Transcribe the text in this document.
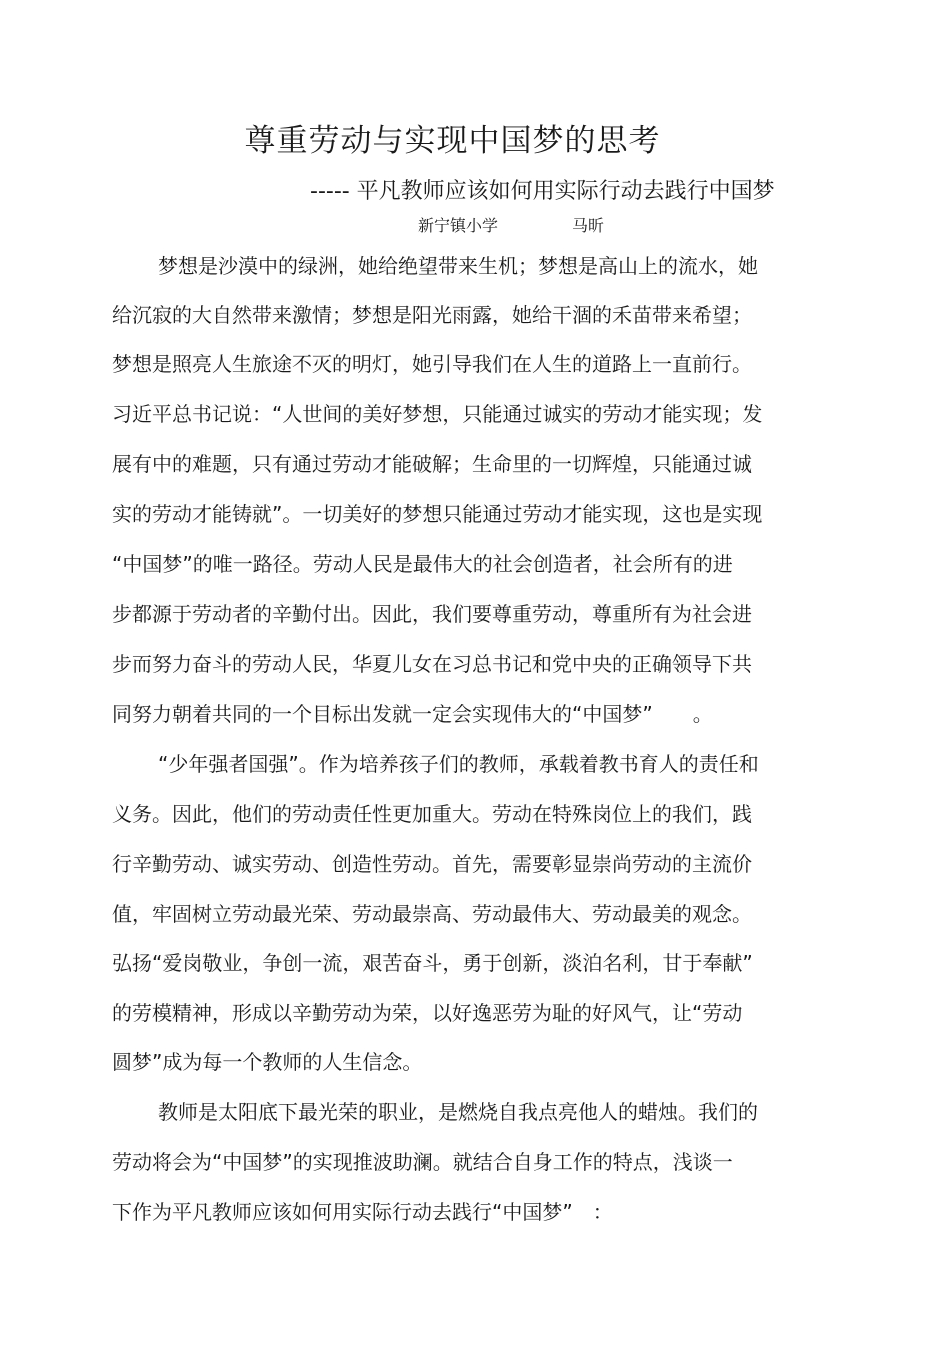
尊重劳动与实现中国梦的思考
----- 平凡教师应该如何用实际行动去践行中国梦
新宁镇小学	马昕
梦想是沙漠中的绿洲，她给绝望带来生机；梦想是高山上的流水，她
给沉寂的大自然带来激情；梦想是阳光雨露，她给干涸的禾苗带来希望；
梦想是照亮人生旅途不灭的明灯，她引导我们在人生的道路上一直前行。
习近平总书记说：“人世间的美好梦想，只能通过诚实的劳动才能实现；发
展有中的难题，只有通过劳动才能破解；生命里的一切辉煌，只能通过诚
实的劳动才能铸就”。一切美好的梦想只能通过劳动才能实现，这也是实现
“中国梦”的唯一路径。劳动人民是最伟大的社会创造者，社会所有的进
步都源于劳动者的辛勤付出。因此，我们要尊重劳动，尊重所有为社会进
步而努力奋斗的劳动人民，华夏儿女在习总书记和党中央的正确领导下共
同努力朝着共同的一个目标出发就一定会实现伟大的“中国梦”　　。
“少年强者国强”。作为培养孩子们的教师，承载着教书育人的责任和
义务。因此，他们的劳动责任性更加重大。劳动在特殊岗位上的我们，践
行辛勤劳动、诚实劳动、创造性劳动。首先，需要彰显崇尚劳动的主流价
值，牢固树立劳动最光荣、劳动最崇高、劳动最伟大、劳动最美的观念。
弘扬“爱岗敬业，争创一流，艰苦奋斗，勇于创新，淡泊名利，甘于奉献”
的劳模精神，形成以辛勤劳动为荣，以好逸恶劳为耻的好风气，让“劳动
圆梦”成为每一个教师的人生信念。
教师是太阳底下最光荣的职业，是燃烧自我点亮他人的蜡烛。我们的
劳动将会为“中国梦”的实现推波助澜。就结合自身工作的特点，浅谈一
下作为平凡教师应该如何用实际行动去践行“中国梦”　：　
